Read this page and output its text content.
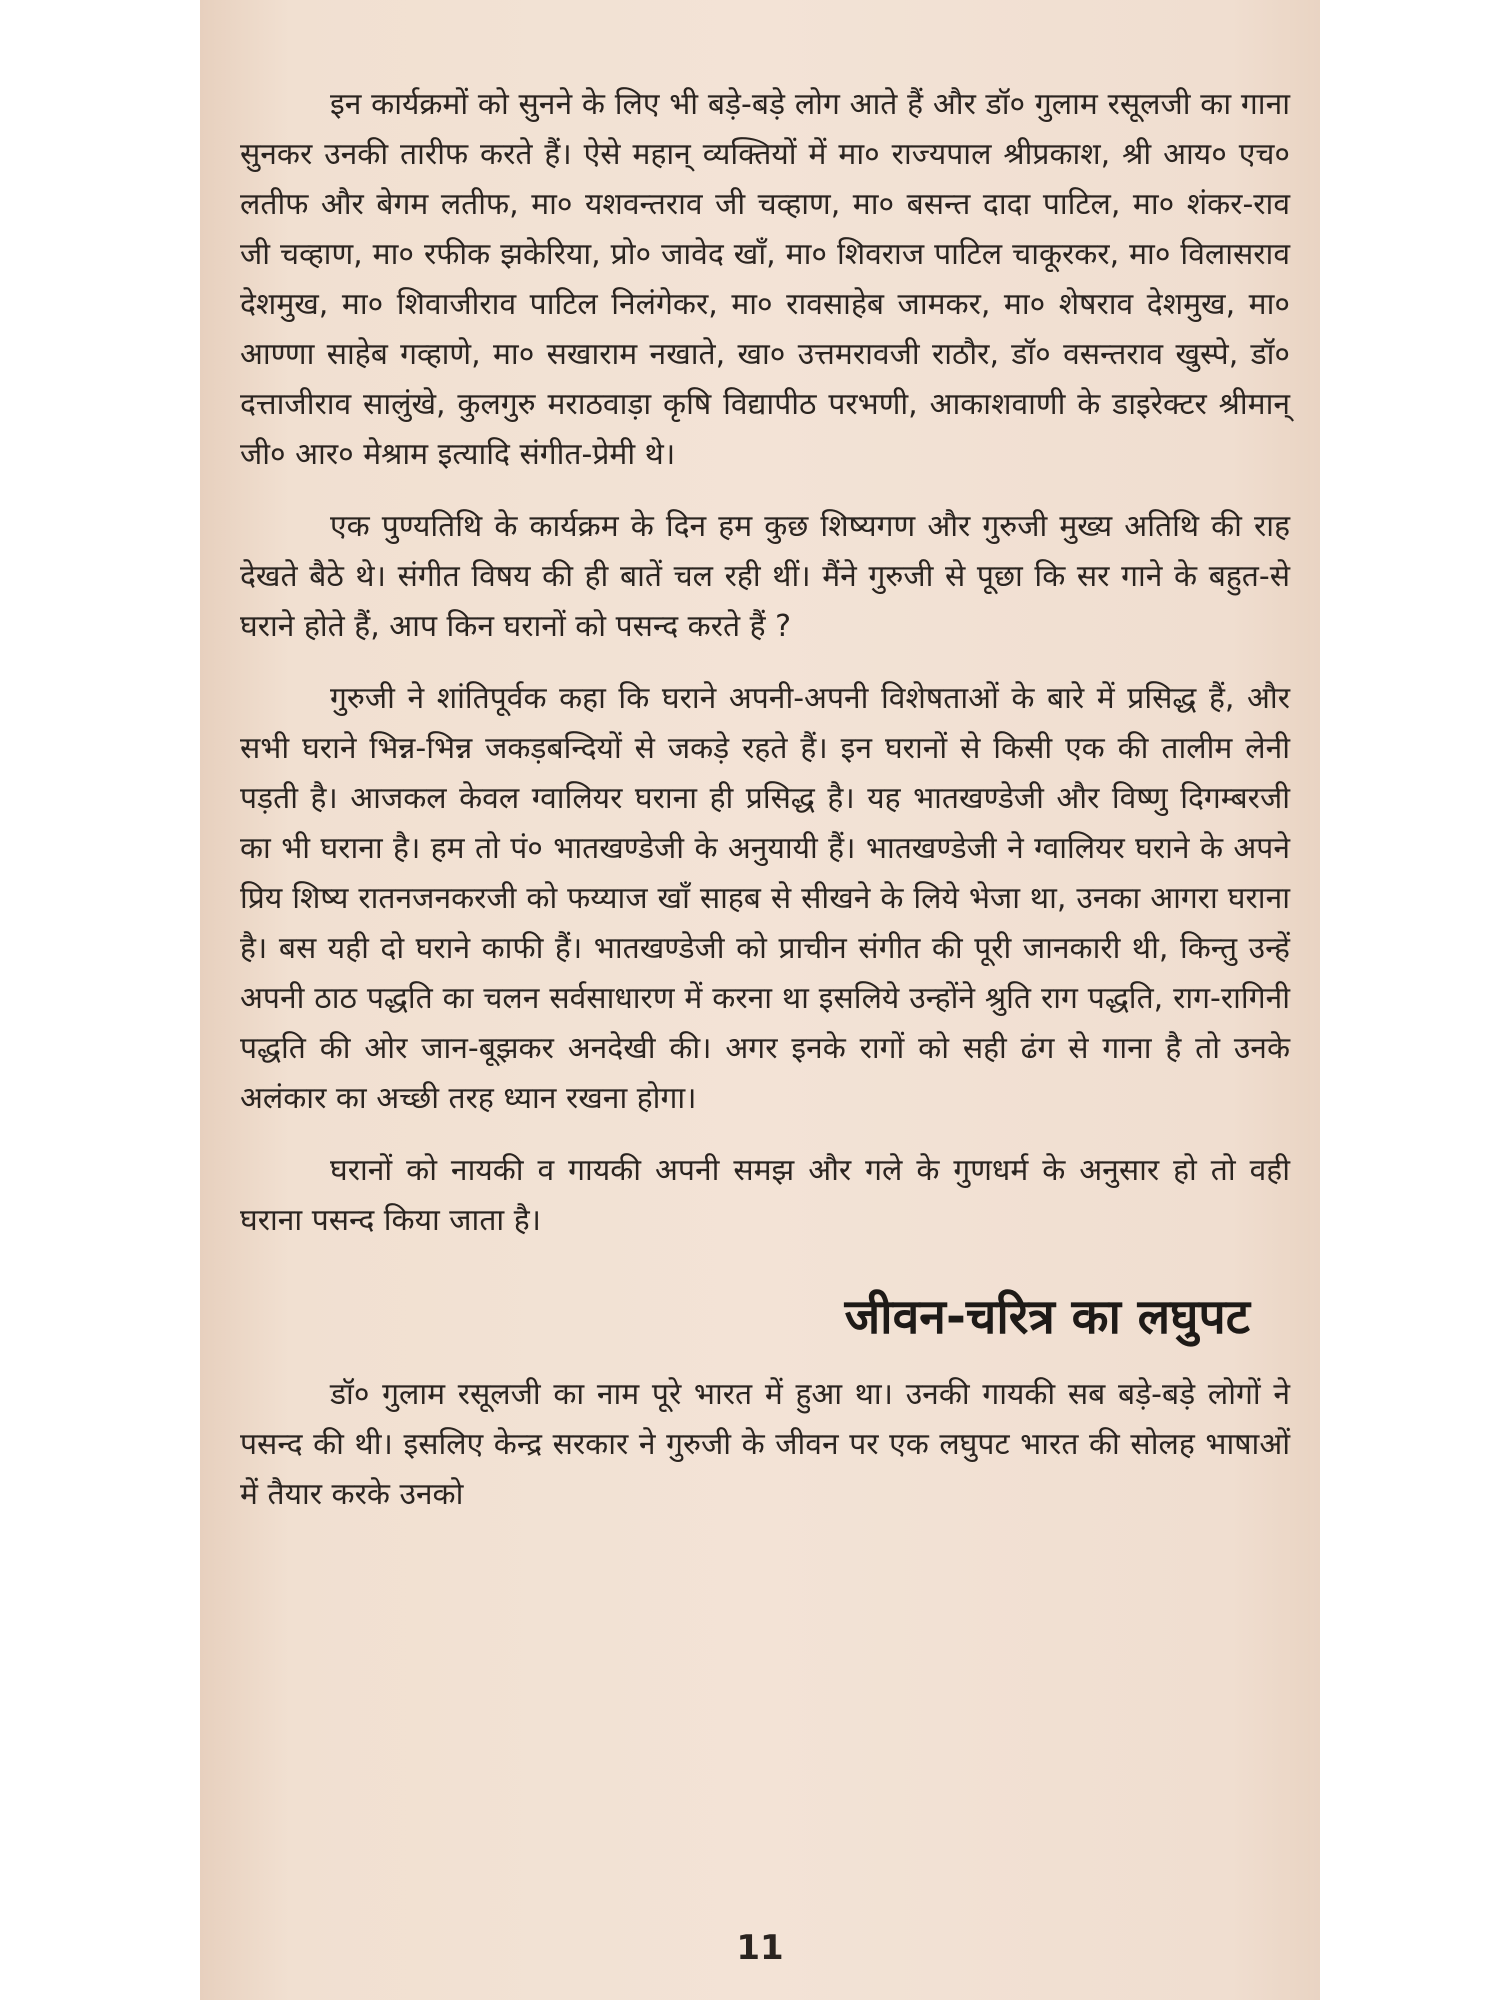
इन कार्यक्रमों को सुनने के लिए भी बड़े-बड़े लोग आते हैं और डॉ० गुलाम रसूलजी का गाना सुनकर उनकी तारीफ करते हैं। ऐसे महान् व्यक्तियों में मा० राज्यपाल श्रीप्रकाश, श्री आय० एच० लतीफ और बेगम लतीफ, मा० यशवन्तराव जी चव्हाण, मा० बसन्त दादा पाटिल, मा० शंकर-राव जी चव्हाण, मा० रफीक झकेरिया, प्रो० जावेद खाँ, मा० शिवराज पाटिल चाकूरकर, मा० विलासराव देशमुख, मा० शिवाजीराव पाटिल निलंगेकर, मा० रावसाहेब जामकर, मा० शेषराव देशमुख, मा० आण्णा साहेब गव्हाणे, मा० सखाराम नखाते, खा० उत्तमरावजी राठौर, डॉ० वसन्तराव खुस्पे, डॉ० दत्ताजीराव सालुंखे, कुलगुरु मराठवाड़ा कृषि विद्यापीठ परभणी, आकाशवाणी के डाइरेक्टर श्रीमान् जी० आर० मेश्राम इत्यादि संगीत-प्रेमी थे।

एक पुण्यतिथि के कार्यक्रम के दिन हम कुछ शिष्यगण और गुरुजी मुख्य अतिथि की राह देखते बैठे थे। संगीत विषय की ही बातें चल रही थीं। मैंने गुरुजी से पूछा कि सर गाने के बहुत-से घराने होते हैं, आप किन घरानों को पसन्द करते हैं ?

गुरुजी ने शांतिपूर्वक कहा कि घराने अपनी-अपनी विशेषताओं के बारे में प्रसिद्ध हैं, और सभी घराने भिन्न-भिन्न जकड़बन्दियों से जकड़े रहते हैं। इन घरानों से किसी एक की तालीम लेनी पड़ती है। आजकल केवल ग्वालियर घराना ही प्रसिद्ध है। यह भातखण्डेजी और विष्णु दिगम्बरजी का भी घराना है। हम तो पं० भातखण्डेजी के अनुयायी हैं। भातखण्डेजी ने ग्वालियर घराने के अपने प्रिय शिष्य रातनजनकरजी को फय्याज खाँ साहब से सीखने के लिये भेजा था, उनका आगरा घराना है। बस यही दो घराने काफी हैं। भातखण्डेजी को प्राचीन संगीत की पूरी जानकारी थी, किन्तु उन्हें अपनी ठाठ पद्धति का चलन सर्वसाधारण में करना था इसलिये उन्होंने श्रुति राग पद्धति, राग-रागिनी पद्धति की ओर जान-बूझकर अनदेखी की। अगर इनके रागों को सही ढंग से गाना है तो उनके अलंकार का अच्छी तरह ध्यान रखना होगा।

घरानों को नायकी व गायकी अपनी समझ और गले के गुणधर्म के अनुसार हो तो वही घराना पसन्द किया जाता है।

जीवन-चरित्र का लघुपट

डॉ० गुलाम रसूलजी का नाम पूरे भारत में हुआ था। उनकी गायकी सब बड़े-बड़े लोगों ने पसन्द की थी। इसलिए केन्द्र सरकार ने गुरुजी के जीवन पर एक लघुपट भारत की सोलह भाषाओं में तैयार करके उनको

11
